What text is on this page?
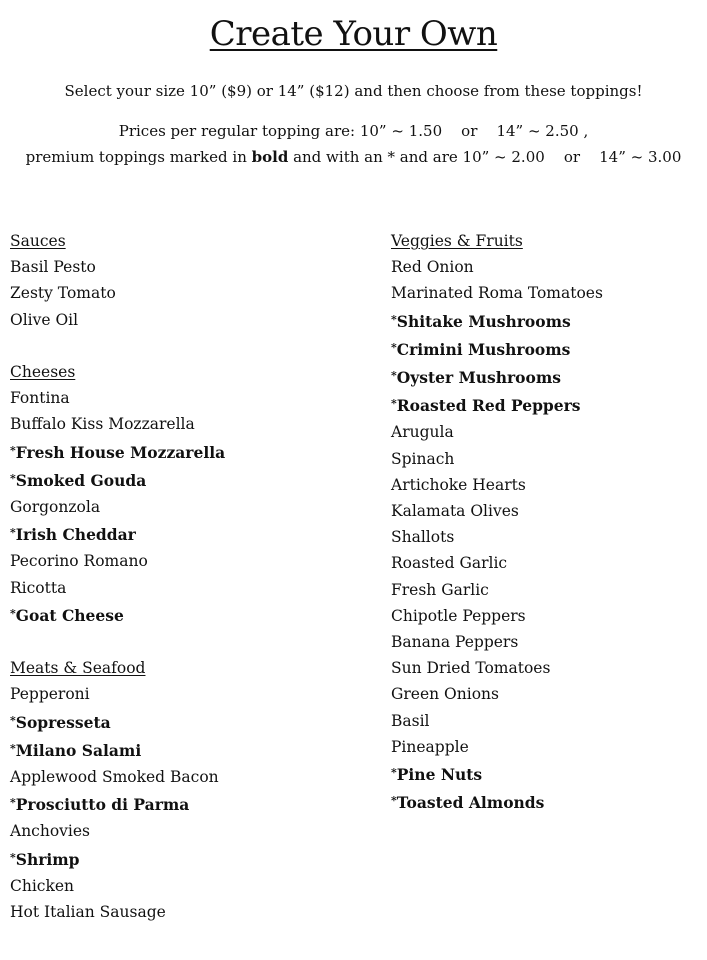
Create Your Own

Select your size 10” ($9) or 14” ($12) and then choose from these toppings!

Prices per regular topping are: 10” ~ 1.50    or    14” ~ 2.50 ,

premium toppings marked in bold and with an * and are 10” ~ 2.00    or    14” ~ 3.00

Sauces
Basil Pesto
Zesty Tomato
Olive Oil
Cheeses
Fontina
Buffalo Kiss Mozzarella
* Fresh House Mozzarella
* Smoked Gouda
Gorgonzola
* Irish Cheddar
Pecorino Romano
Ricotta
* Goat Cheese
Meats & Seafood
Pepperoni
* Sopresseta
* Milano Salami
Applewood Smoked Bacon
* Prosciutto di Parma
Anchovies
* Shrimp
Chicken
Hot Italian Sausage
Veggies & Fruits
Red Onion
Marinated Roma Tomatoes
* Shitake Mushrooms
* Crimini Mushrooms
* Oyster Mushrooms
* Roasted Red Peppers
Arugula
Spinach
Artichoke Hearts
Kalamata Olives
Shallots
Roasted Garlic
Fresh Garlic
Chipotle Peppers
Banana Peppers
Sun Dried Tomatoes
Green Onions
Basil
Pineapple
* Pine Nuts
* Toasted Almonds
